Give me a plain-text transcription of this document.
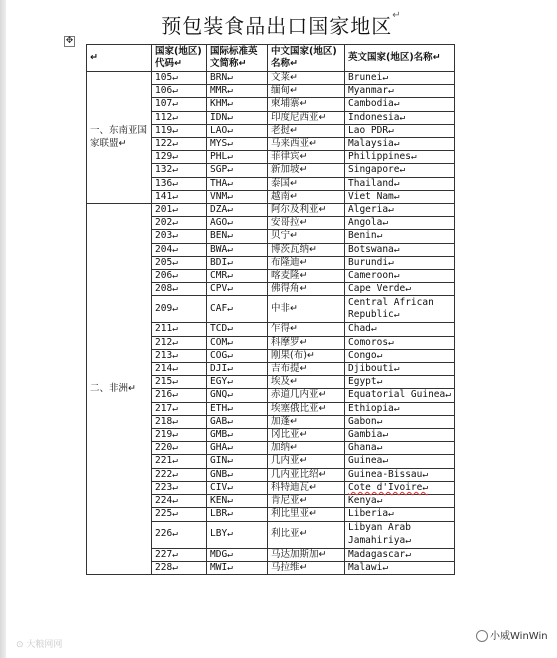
预包装食品出口国家地区↵
✥
↵	国家(地区)代码↵	国际标准英文简称↵	中文国家(地区)名称↵	英文国家(地区)名称↵
一、东南亚国家联盟↵	105↵	BRN↵	文莱↵	Brunei↵
	106↵	MMR↵	缅甸↵	Myanmar↵
	107↵	KHM↵	柬埔寨↵	Cambodia↵
	112↵	IDN↵	印度尼西亚↵	Indonesia↵
	119↵	LAO↵	老挝↵	Lao PDR↵
	122↵	MYS↵	马来西亚↵	Malaysia↵
	129↵	PHL↵	菲律宾↵	Philippines↵
	132↵	SGP↵	新加坡↵	Singapore↵
	136↵	THA↵	泰国↵	Thailand↵
	141↵	VNM↵	越南↵	Viet Nam↵
二、非洲↵	201↵	DZA↵	阿尔及利亚↵	Algeria↵
	202↵	AGO↵	安哥拉↵	Angola↵
	203↵	BEN↵	贝宁↵	Benin↵
	204↵	BWA↵	博茨瓦纳↵	Botswana↵
	205↵	BDI↵	布隆迪↵	Burundi↵
	206↵	CMR↵	喀麦隆↵	Cameroon↵
	208↵	CPV↵	佛得角↵	Cape Verde↵
	209↵	CAF↵	中非↵	Central African Republic↵
	211↵	TCD↵	乍得↵	Chad↵
	212↵	COM↵	科摩罗↵	Comoros↵
	213↵	COG↵	刚果(布)↵	Congo↵
	214↵	DJI↵	吉布提↵	Djibouti↵
	215↵	EGY↵	埃及↵	Egypt↵
	216↵	GNQ↵	赤道几内亚↵	Equatorial Guinea↵
	217↵	ETH↵	埃塞俄比亚↵	Ethiopia↵
	218↵	GAB↵	加蓬↵	Gabon↵
	219↵	GMB↵	冈比亚↵	Gambia↵
	220↵	GHA↵	加纳↵	Ghana↵
	221↵	GIN↵	几内亚↵	Guinea↵
	222↵	GNB↵	几内亚比绍↵	Guinea-Bissau↵
	223↵	CIV↵	科特迪瓦↵	Cote d'Ivoire↵
	224↵	KEN↵	肯尼亚↵	Kenya↵
	225↵	LBR↵	利比里亚↵	Liberia↵
	226↵	LBY↵	利比亚↵	Libyan Arab Jamahiriya↵
	227↵	MDG↵	马达加斯加↵	Madagascar↵
	228↵	MWI↵	马拉维↵	Malawi↵
⊙ 大粮网网
小威WinWin
